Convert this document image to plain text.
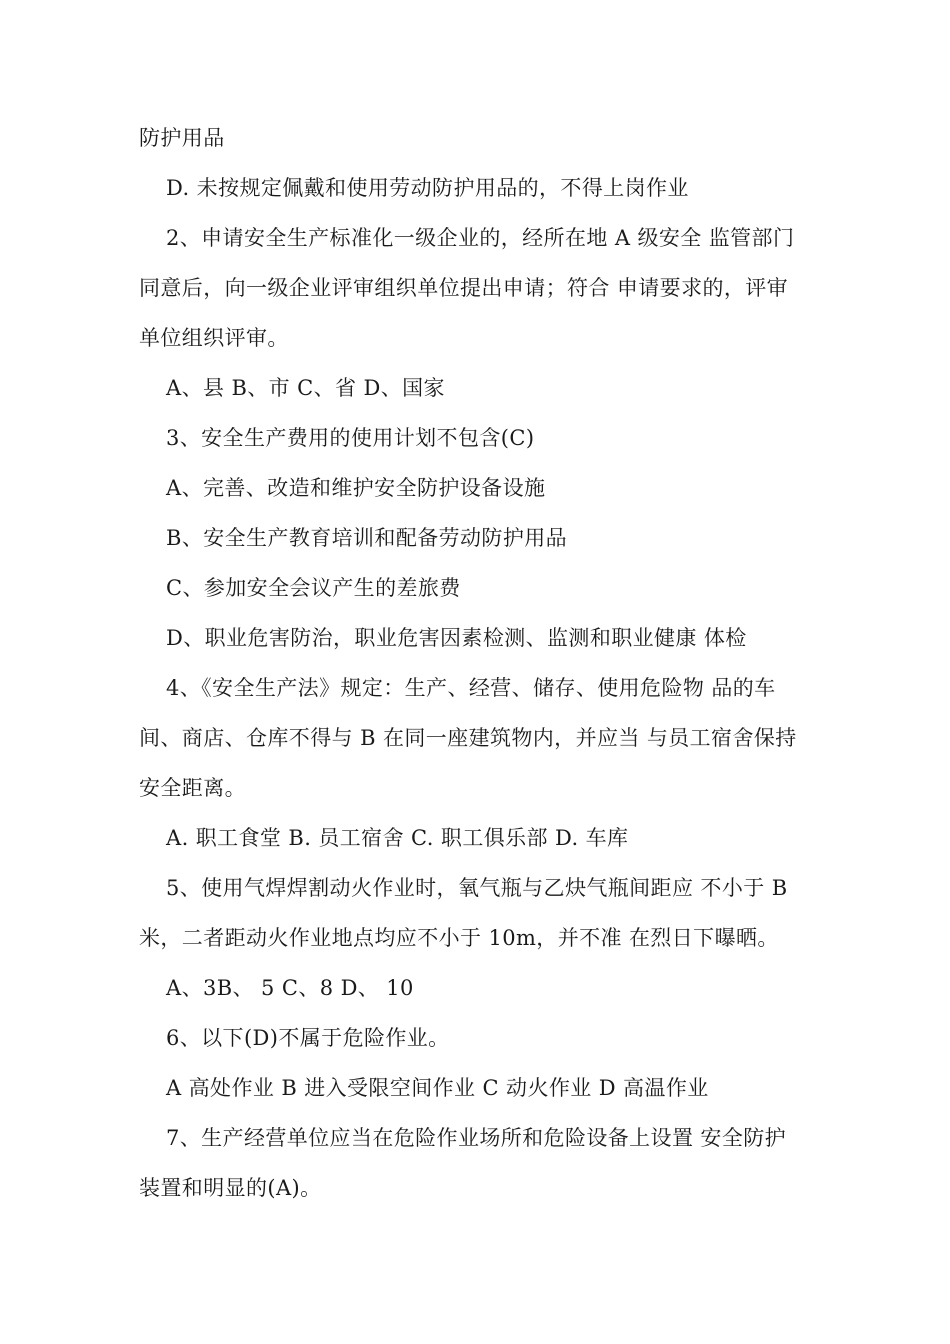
防护用品
D. 未按规定佩戴和使用劳动防护用品的，不得上岗作业
2、申请安全生产标准化一级企业的，经所在地 A 级安全 监管部门
同意后，向一级企业评审组织单位提出申请；符合 申请要求的，评审
单位组织评审。
A、县 B、市 C、省 D、国家
3、安全生产费用的使用计划不包含(C)
A、完善、改造和维护安全防护设备设施
B、安全生产教育培训和配备劳动防护用品
C、参加安全会议产生的差旅费
D、职业危害防治，职业危害因素检测、监测和职业健康 体检
4、《安全生产法》规定：生产、经营、储存、使用危险物 品的车
间、商店、仓库不得与 B 在同一座建筑物内，并应当 与员工宿舍保持
安全距离。
A. 职工食堂 B. 员工宿舍 C. 职工俱乐部 D. 车库
5、使用气焊焊割动火作业时，氧气瓶与乙炔气瓶间距应 不小于 B
米，二者距动火作业地点均应不小于 10m，并不准 在烈日下曝晒。
A、3B、 5 C、8 D、 10
6、以下(D)不属于危险作业。
A 高处作业 B 进入受限空间作业 C 动火作业 D 高温作业
7、生产经营单位应当在危险作业场所和危险设备上设置 安全防护
装置和明显的(A)。
